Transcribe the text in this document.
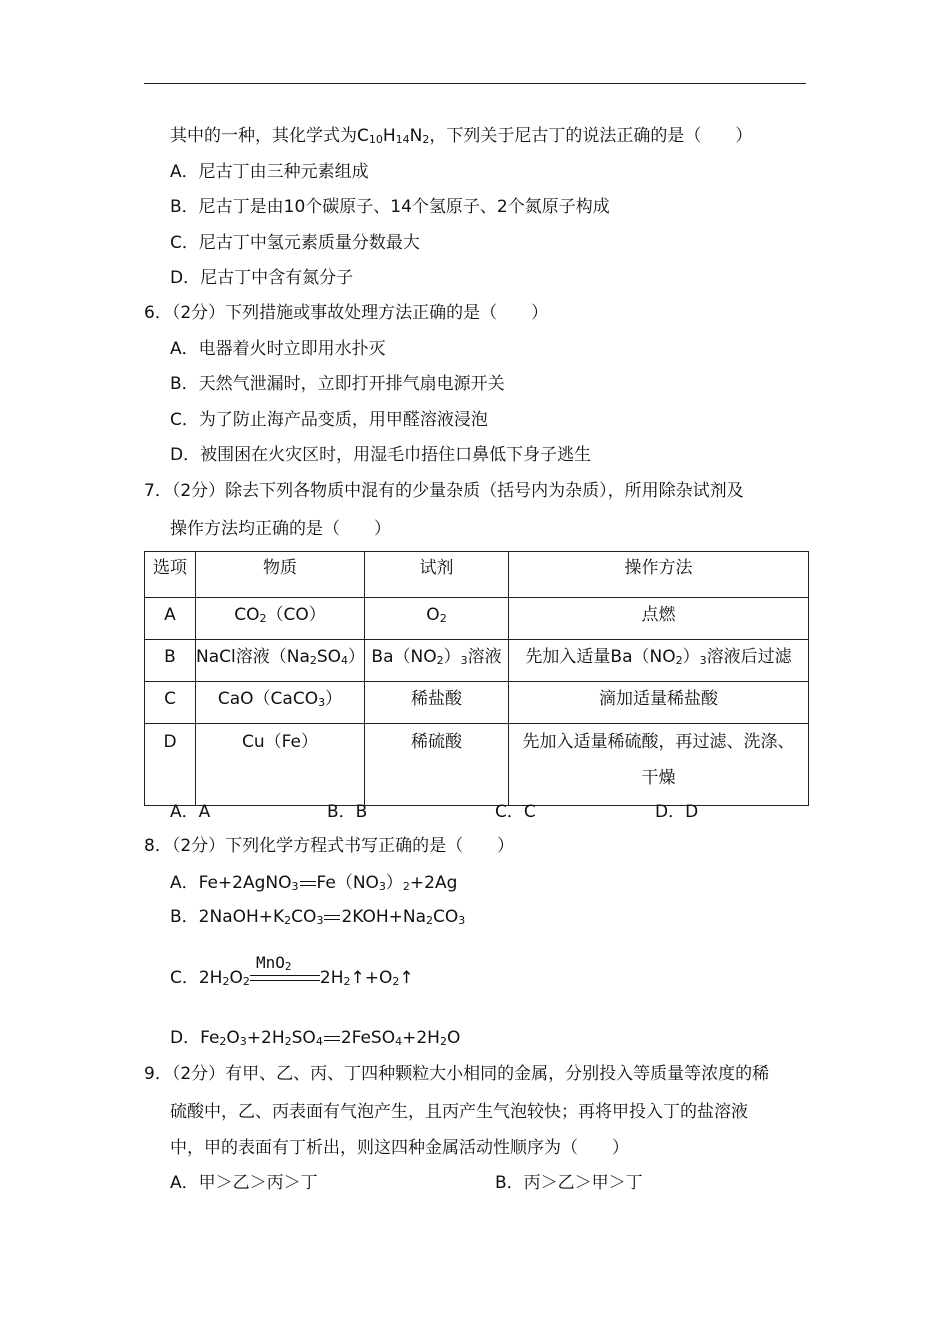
其中的一种，其化学式为$C_{10}H_{14}N_2$，下列关于尼古丁的说法正确的是（　　）
A．尼古丁由三种元素组成
B．尼古丁是由10个碳原子、14个氢原子、2个氮原子构成
C．尼古丁中氢元素质量分数最大
D．尼古丁中含有氮分子
6．（2分）下列措施或事故处理方法正确的是（　　）
A．电器着火时立即用水扑灭
B．天然气泄漏时，立即打开排气扇电源开关
C．为了防止海产品变质，用甲醛溶液浸泡
D．被围困在火灾区时，用湿毛巾捂住口鼻低下身子逃生
7．（2分）除去下列各物质中混有的少量杂质（括号内为杂质），所用除杂试剂及
操作方法均正确的是（　　）
选项	物质	试剂	操作方法
A	$CO_2(CO)$	$O_2$	点燃
B	NaCl溶液$(Na_2SO_4)$	$Ba(NO_2)_3$溶液	先加入适量$Ba(NO_2)_3$溶液后过滤
C	CaO（CaCO$_3$）	稀盐酸	滴加适量稀盐酸
D	Cu（Fe）	稀硫酸	先加入适量稀硫酸，再过滤、洗涤、
干燥
A．A	B．B	C．C	D．D
8．（2分）下列化学方程式书写正确的是（　　）
A．Fe+2AgNO$_3$ $Fe(NO_3)_2+2Ag$
B．$2NaOH+K_2CO_3$ $2KOH+Na_2CO_3$
MnO$_2$
C．$2H_2O_2$	$2H_2↑+O_2↑$
D．$Fe_2O_3+2H_2SO_4$ $2FeSO_4+2H_2O$
9．（2分）有甲、乙、丙、丁四种颗粒大小相同的金属，分别投入等质量等浓度的稀
硫酸中，乙、丙表面有气泡产生，且丙产生气泡较快；再将甲投入丁的盐溶液
中，甲的表面有丁析出，则这四种金属活动性顺序为（　　）
A．甲＞乙＞丙＞丁	B．丙＞乙＞甲＞丁
